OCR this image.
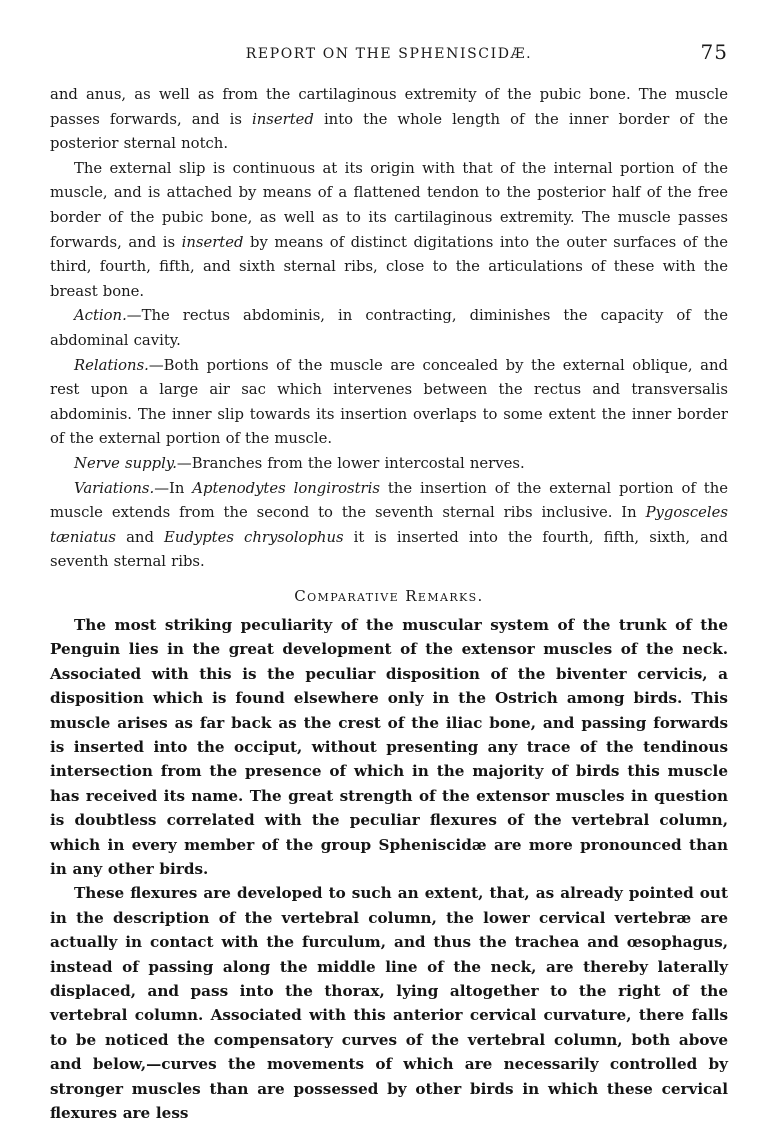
REPORT ON THE SPHENISCIDÆ.	75

and anus, as well as from the cartilaginous extremity of the pubic bone. The muscle passes forwards, and is inserted into the whole length of the inner border of the posterior sternal notch.

The external slip is continuous at its origin with that of the internal portion of the muscle, and is attached by means of a flattened tendon to the posterior half of the free border of the pubic bone, as well as to its cartilaginous extremity. The muscle passes forwards, and is inserted by means of distinct digitations into the outer surfaces of the third, fourth, fifth, and sixth sternal ribs, close to the articulations of these with the breast bone.

Action.—The rectus abdominis, in contracting, diminishes the capacity of the abdominal cavity.

Relations.—Both portions of the muscle are concealed by the external oblique, and rest upon a large air sac which intervenes between the rectus and transversalis abdominis. The inner slip towards its insertion overlaps to some extent the inner border of the external portion of the muscle.

Nerve supply.—Branches from the lower intercostal nerves.

Variations.—In Aptenodytes longirostris the insertion of the external portion of the muscle extends from the second to the seventh sternal ribs inclusive. In Pygosceles tæniatus and Eudyptes chrysolophus it is inserted into the fourth, fifth, sixth, and seventh sternal ribs.

Comparative Remarks.

The most striking peculiarity of the muscular system of the trunk of the Penguin lies in the great development of the extensor muscles of the neck. Associated with this is the peculiar disposition of the biventer cervicis, a disposition which is found elsewhere only in the Ostrich among birds. This muscle arises as far back as the crest of the iliac bone, and passing forwards is inserted into the occiput, without presenting any trace of the tendinous intersection from the presence of which in the majority of birds this muscle has received its name. The great strength of the extensor muscles in question is doubtless correlated with the peculiar flexures of the vertebral column, which in every member of the group Spheniscidæ are more pronounced than in any other birds.

These flexures are developed to such an extent, that, as already pointed out in the description of the vertebral column, the lower cervical vertebræ are actually in contact with the furculum, and thus the trachea and œsophagus, instead of passing along the middle line of the neck, are thereby laterally displaced, and pass into the thorax, lying altogether to the right of the vertebral column. Associated with this anterior cervical curvature, there falls to be noticed the compensatory curves of the vertebral column, both above and below,—curves the movements of which are necessarily controlled by stronger muscles than are possessed by other birds in which these cervical flexures are less
